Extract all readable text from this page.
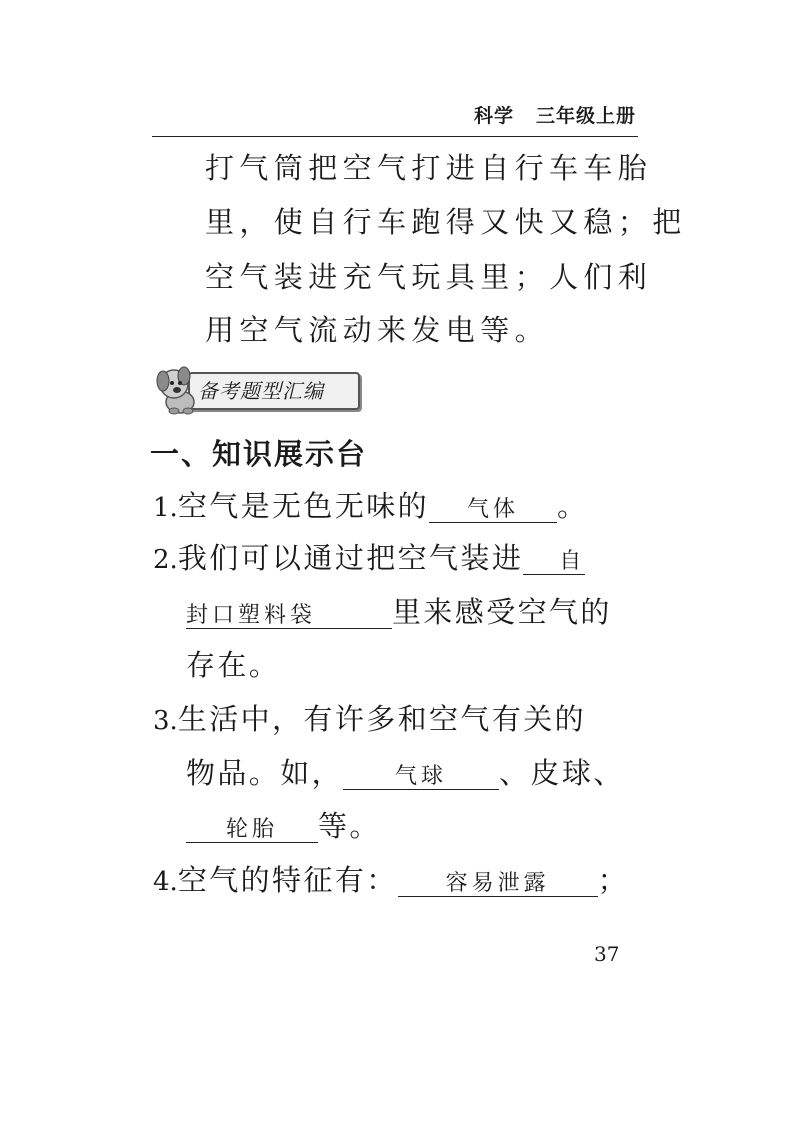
科学 三年级上册
打气筒把空气打进自行车车胎
里，使自行车跑得又快又稳；把
空气装进充气玩具里；人们利
用空气流动来发电等。
备考题型汇编
一、知识展示台
1.空气是无色无味的 气体 。
2.我们可以通过把空气装进 自
封口塑料袋	里来感受空气的
存在。
3.生活中，有许多和空气有关的
物品。如， 气球 、皮球、
轮胎 等。
4.空气的特征有： 容易泄露 ；
37
